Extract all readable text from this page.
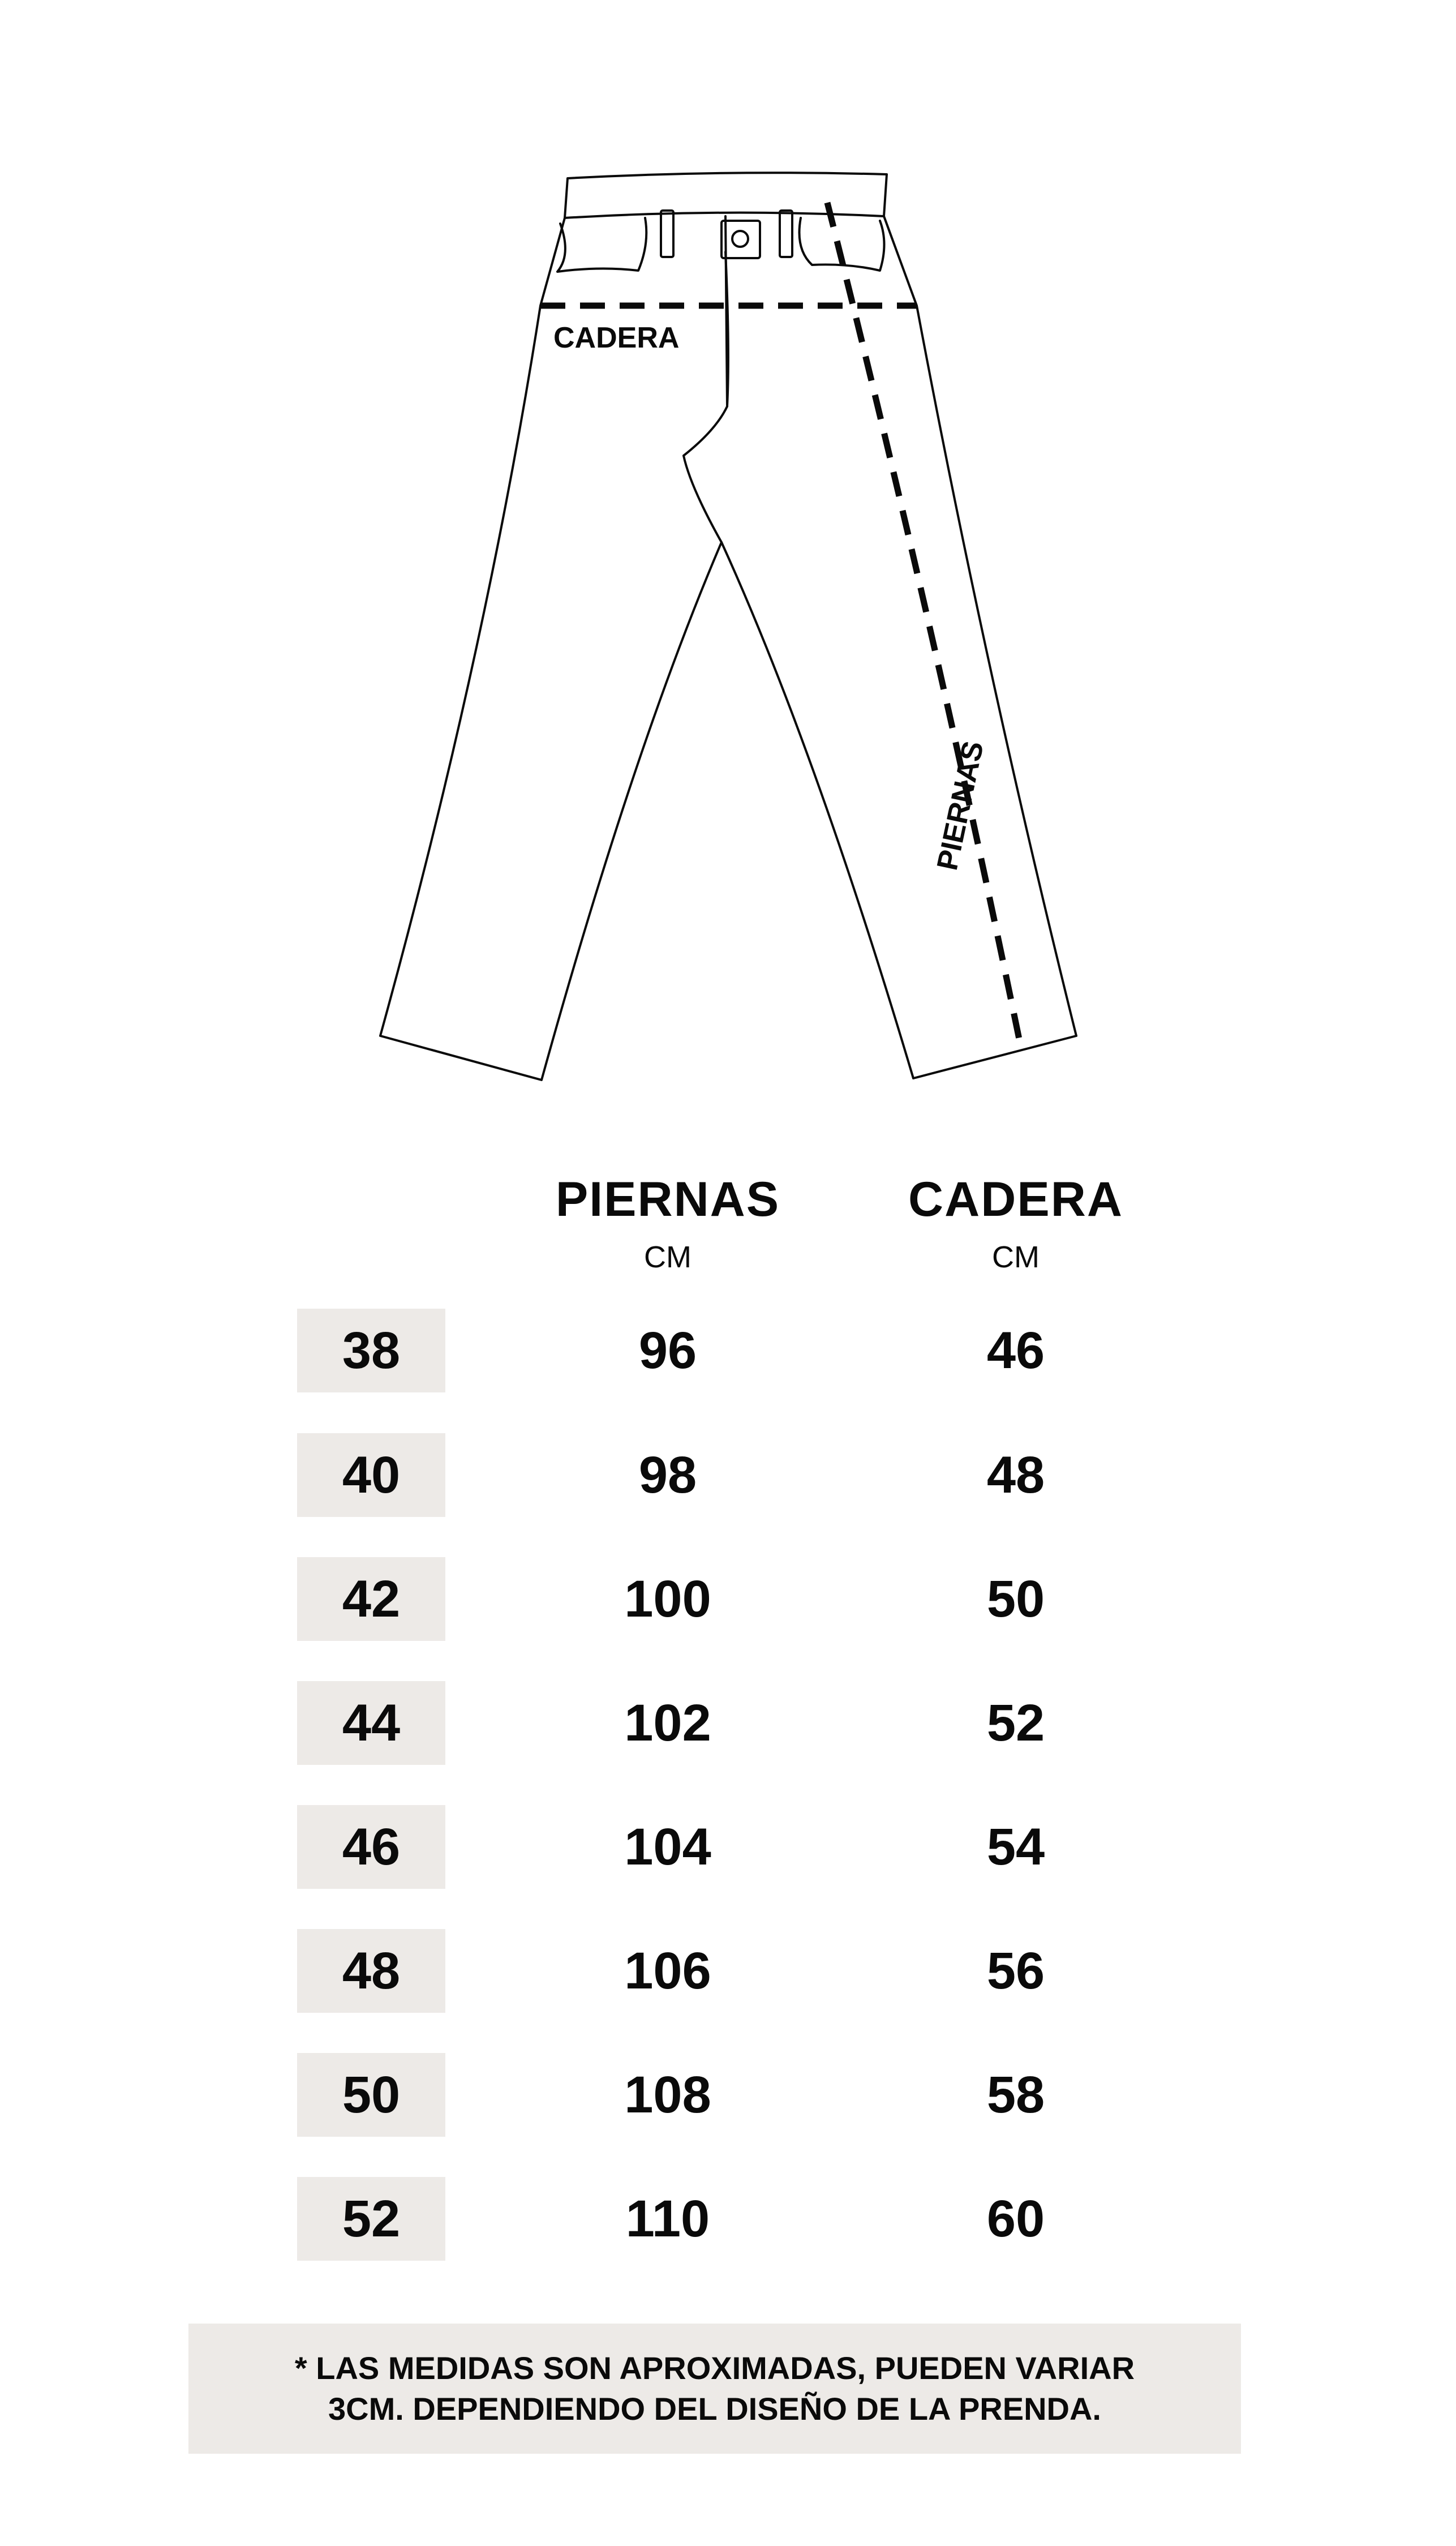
CADERA
PIERNAS
PIERNAS
CM
CADERA
CM
38	96	46
40	98	48
42	100	50
44	102	52
46	104	54
48	106	56
50	108	58
52	110	60
* LAS MEDIDAS SON APROXIMADAS, PUEDEN VARIAR
3CM. DEPENDIENDO DEL DISEÑO DE LA PRENDA.
